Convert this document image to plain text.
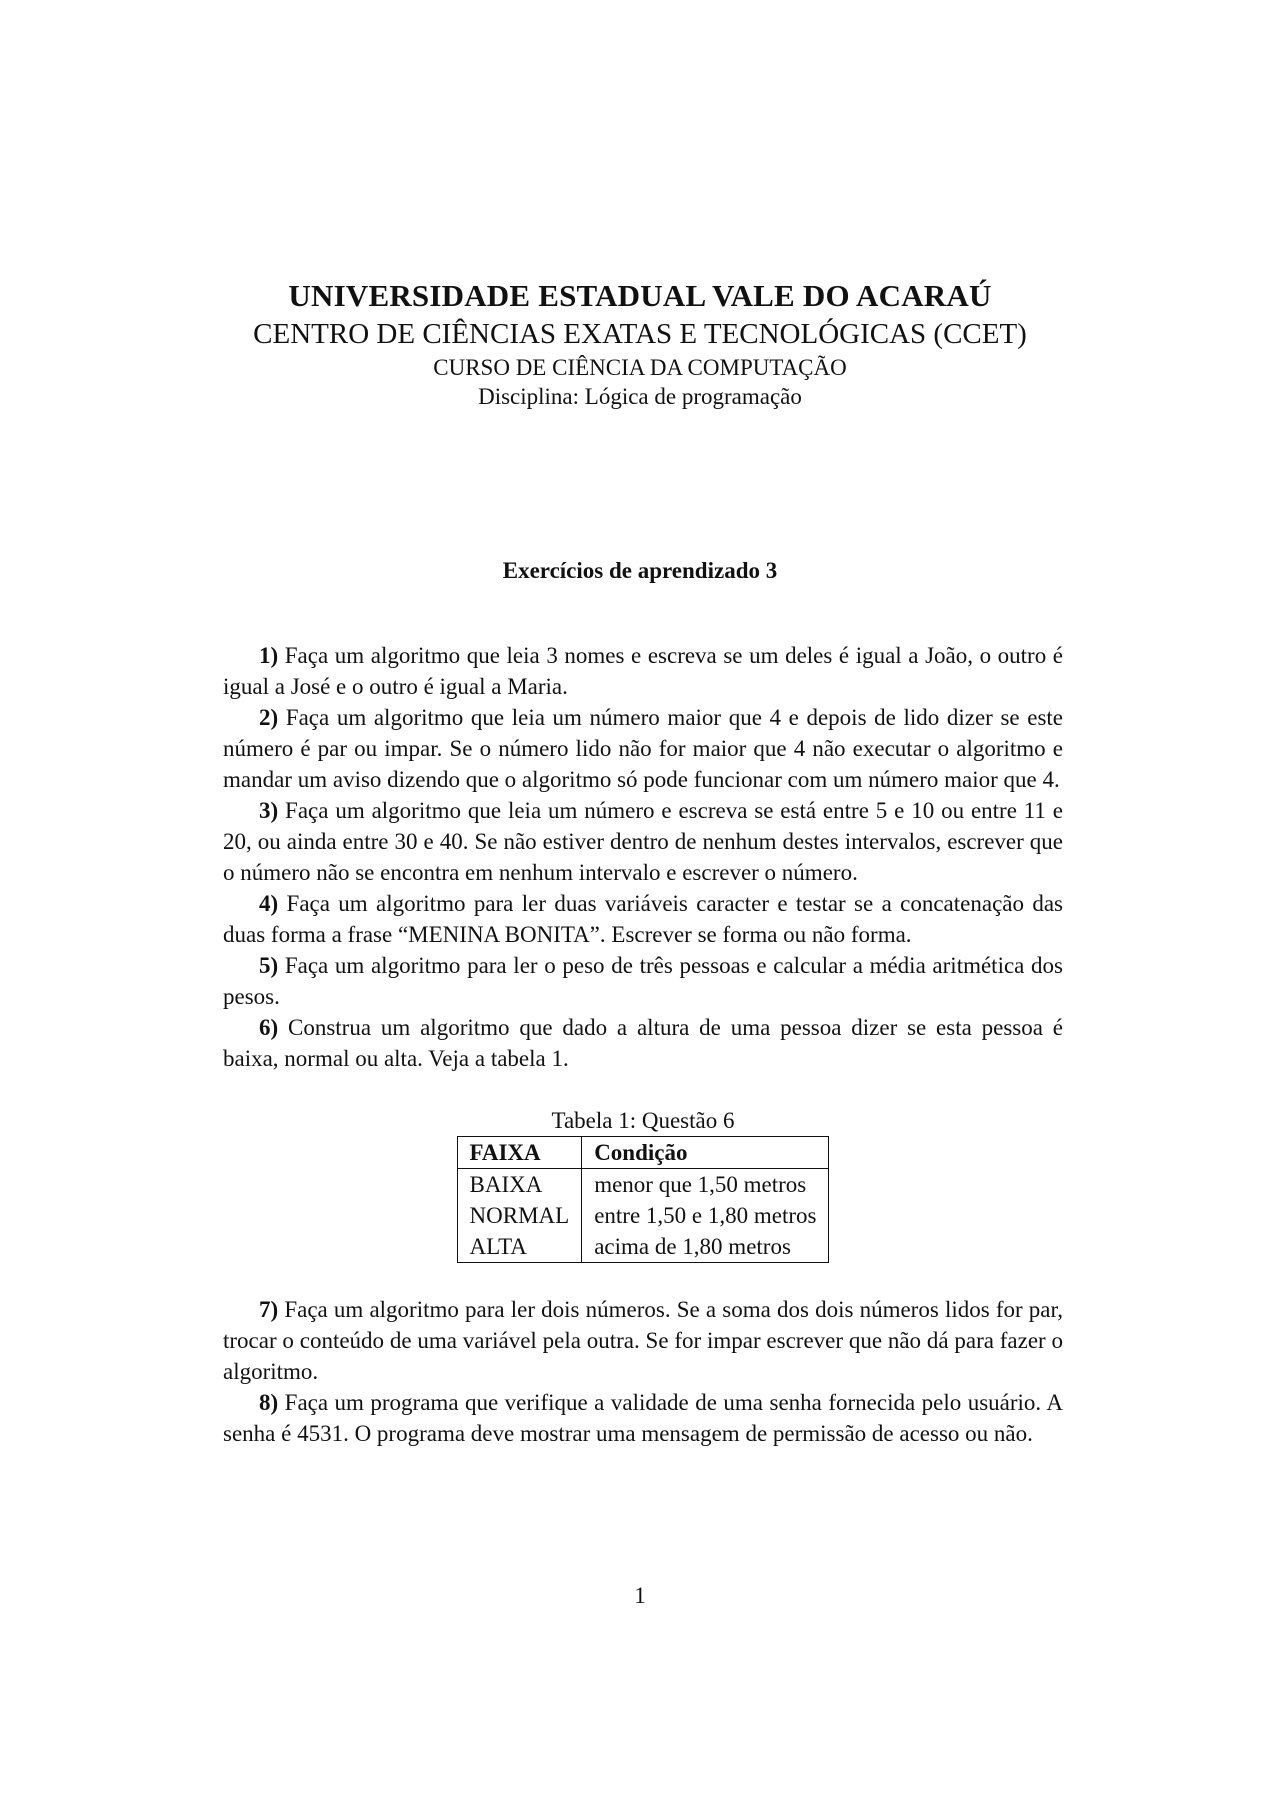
UNIVERSIDADE ESTADUAL VALE DO ACARAÚ
CENTRO DE CIÊNCIAS EXATAS E TECNOLÓGICAS (CCET)
CURSO DE CIÊNCIA DA COMPUTAÇÃO
Disciplina: Lógica de programação
Exercícios de aprendizado 3

1) Faça um algoritmo que leia 3 nomes e escreva se um deles é igual a João, o outro é igual a José e o outro é igual a Maria.

2) Faça um algoritmo que leia um número maior que 4 e depois de lido dizer se este número é par ou impar. Se o número lido não for maior que 4 não executar o algoritmo e mandar um aviso dizendo que o algoritmo só pode funcionar com um número maior que 4.

3) Faça um algoritmo que leia um número e escreva se está entre 5 e 10 ou entre 11 e 20, ou ainda entre 30 e 40. Se não estiver dentro de nenhum destes intervalos, escrever que o número não se encontra em nenhum intervalo e escrever o número.

4) Faça um algoritmo para ler duas variáveis caracter e testar se a concatenação das duas forma a frase “MENINA BONITA”. Escrever se forma ou não forma.

5) Faça um algoritmo para ler o peso de três pessoas e calcular a média aritmética dos pesos.

6) Construa um algoritmo que dado a altura de uma pessoa dizer se esta pessoa é baixa, normal ou alta. Veja a tabela 1.

Tabela 1: Questão 6
FAIXA	Condição
BAIXA	menor que 1,50 metros
NORMAL	entre 1,50 e 1,80 metros
ALTA	acima de 1,80 metros

7) Faça um algoritmo para ler dois números. Se a soma dos dois números lidos for par, trocar o conteúdo de uma variável pela outra. Se for impar escrever que não dá para fazer o algoritmo.

8) Faça um programa que verifique a validade de uma senha fornecida pelo usuário. A senha é 4531. O programa deve mostrar uma mensagem de permissão de acesso ou não.

1
